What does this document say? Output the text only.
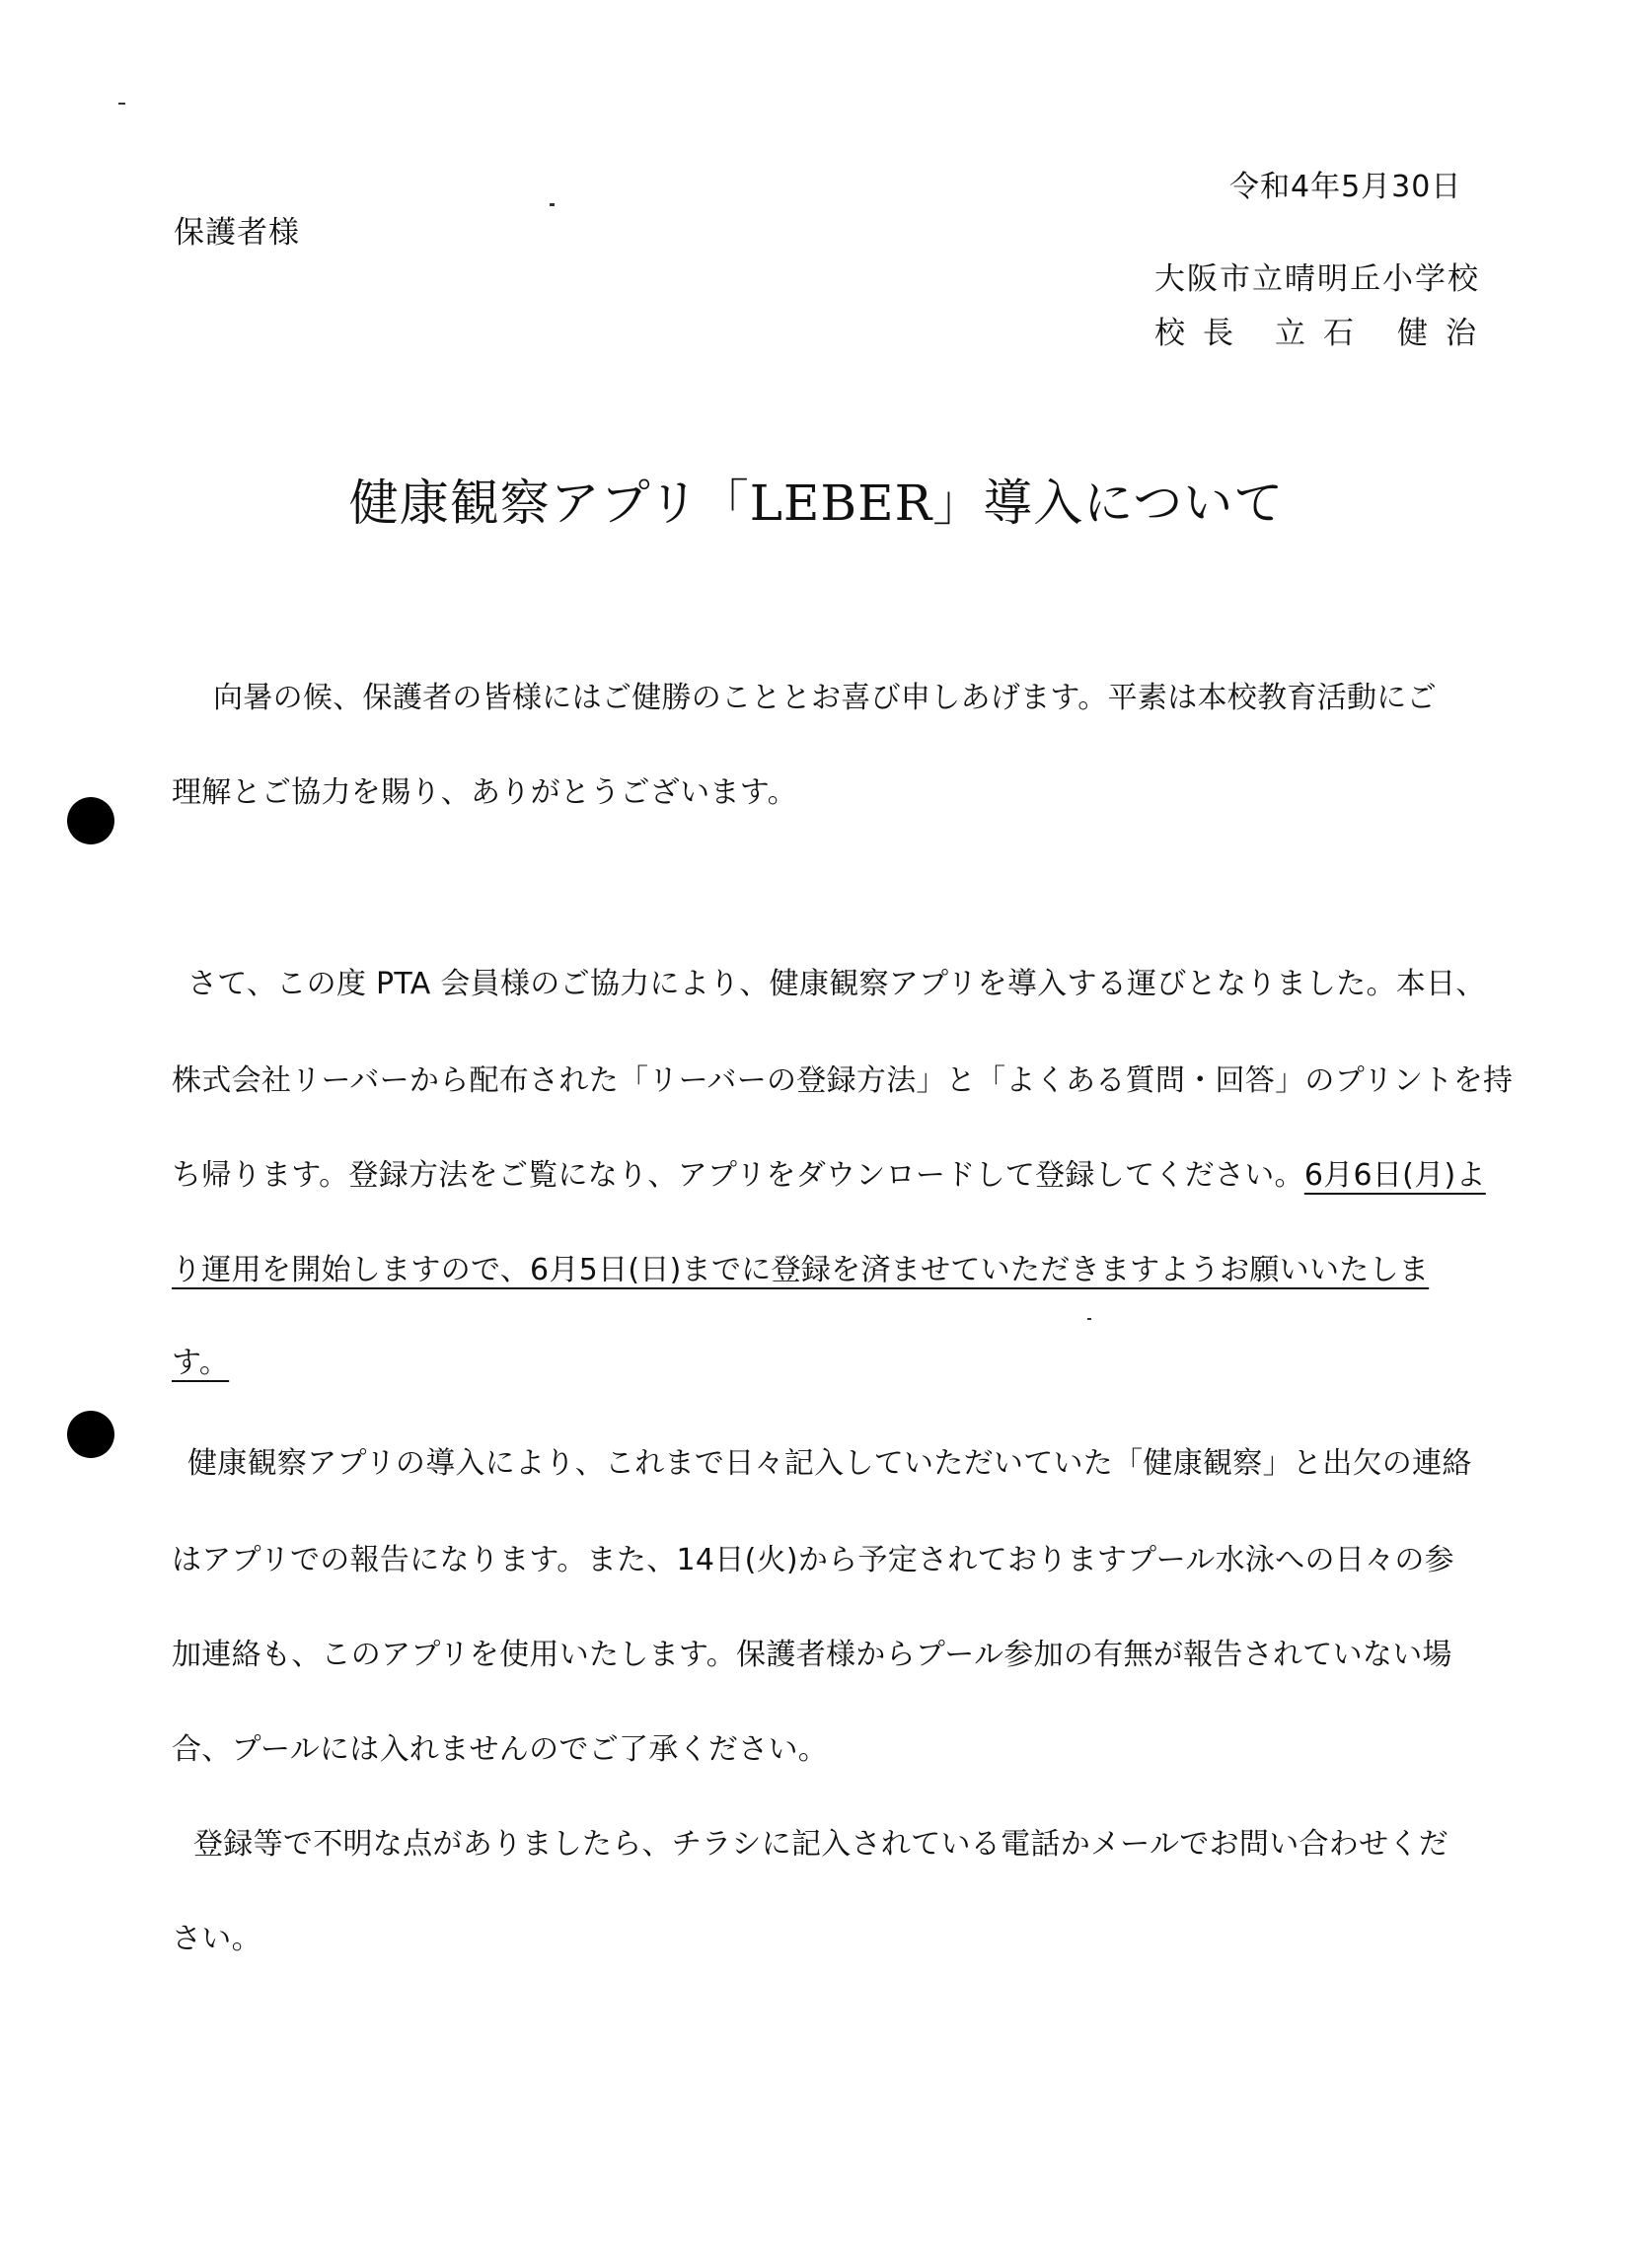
令和4年5月30日
保護者様
大阪市立晴明丘小学校
校長 立石 健治
健康観察アプリ「LEBER」導入について
向暑の候、保護者の皆様にはご健勝のこととお喜び申しあげます。平素は本校教育活動にご
理解とご協力を賜り、ありがとうございます。
さて、この度 PTA 会員様のご協力により、健康観察アプリを導入する運びとなりました。本日、
株式会社リーバーから配布された「リーバーの登録方法」と「よくある質問・回答」のプリントを持
ち帰ります。登録方法をご覧になり、アプリをダウンロードして登録してください。6月6日(月)よ
り運用を開始しますので、6月5日(日)までに登録を済ませていただきますようお願いいたしま
す。
健康観察アプリの導入により、これまで日々記入していただいていた「健康観察」と出欠の連絡
はアプリでの報告になります。また、14日(火)から予定されておりますプール水泳への日々の参
加連絡も、このアプリを使用いたします。保護者様からプール参加の有無が報告されていない場
合、プールには入れませんのでご了承ください。
登録等で不明な点がありましたら、チラシに記入されている電話かメールでお問い合わせくだ
さい。
